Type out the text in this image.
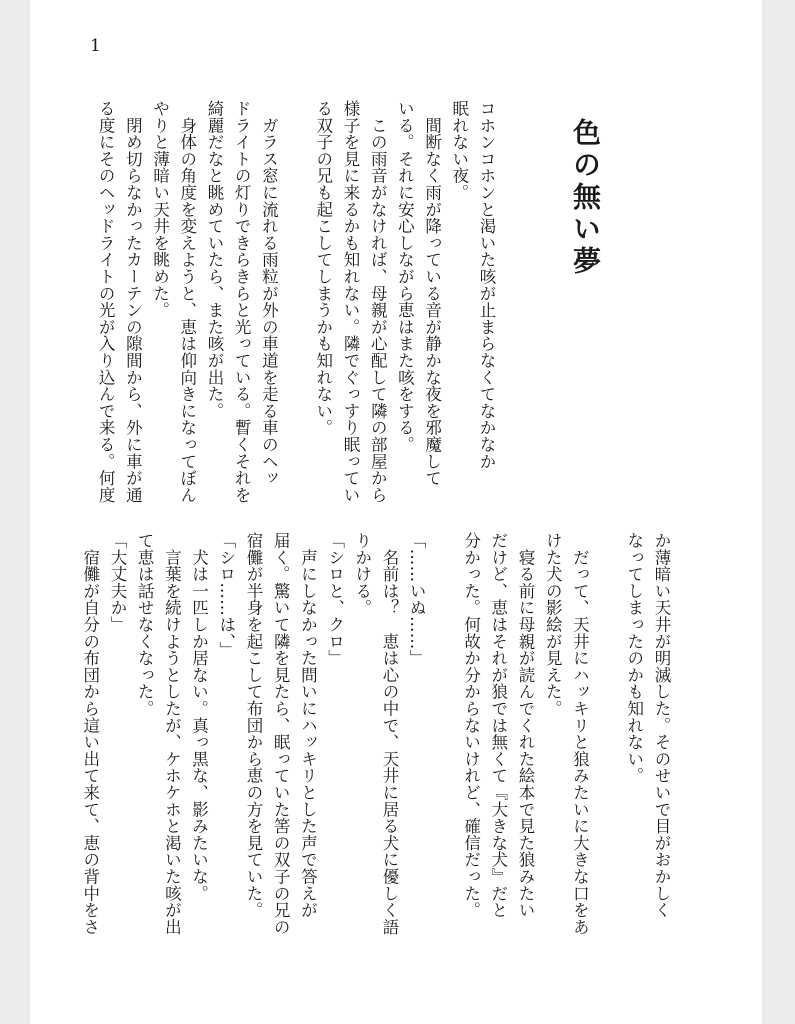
1
色の無い夢
コホンコホンと渇いた咳が止まらなくてなかなか
眠れない夜。
　間断なく雨が降っている音が静かな夜を邪魔して
いる。それに安心しながら恵はまた咳をする。
　この雨音がなければ、母親が心配して隣の部屋から
様子を見に来るかも知れない。隣でぐっすり眠ってい
る双子の兄も起こしてしまうかも知れない。

　ガラス窓に流れる雨粒が外の車道を走る車のヘッ
ドライトの灯りできらきらと光っている。暫くそれを
綺麗だなと眺めていたら、また咳が出た。
　身体の角度を変えようと、恵は仰向きになってぼん
やりと薄暗い天井を眺めた。
　閉め切らなかったカーテンの隙間から、外に車が通
る度にそのヘッドライトの光が入り込んで来る。何度
か薄暗い天井が明滅した。そのせいで目がおかしく
なってしまったのかも知れない。

　だって、天井にハッキリと狼みたいに大きな口をあ
けた犬の影絵が見えた。
　寝る前に母親が読んでくれた絵本で見た狼みたい
だけど、恵はそれが狼では無くて『大きな犬』だと
分かった。何故か分からないけれど、確信だった。

「……いぬ……」
　名前は？　恵は心の中で、天井に居る犬に優しく語
りかける。
「シロと、クロ」
　声にしなかった問いにハッキリとした声で答えが
届く。驚いて隣を見たら、眠っていた筈の双子の兄の
宿儺が半身を起こして布団から恵の方を見ていた。
「シロ……は、」
　犬は一匹しか居ない。真っ黒な、影みたいな。
　言葉を続けようとしたが、ケホケホと渇いた咳が出
て恵は話せなくなった。
「大丈夫か」
　宿儺が自分の布団から這い出て来て、恵の背中をさ
